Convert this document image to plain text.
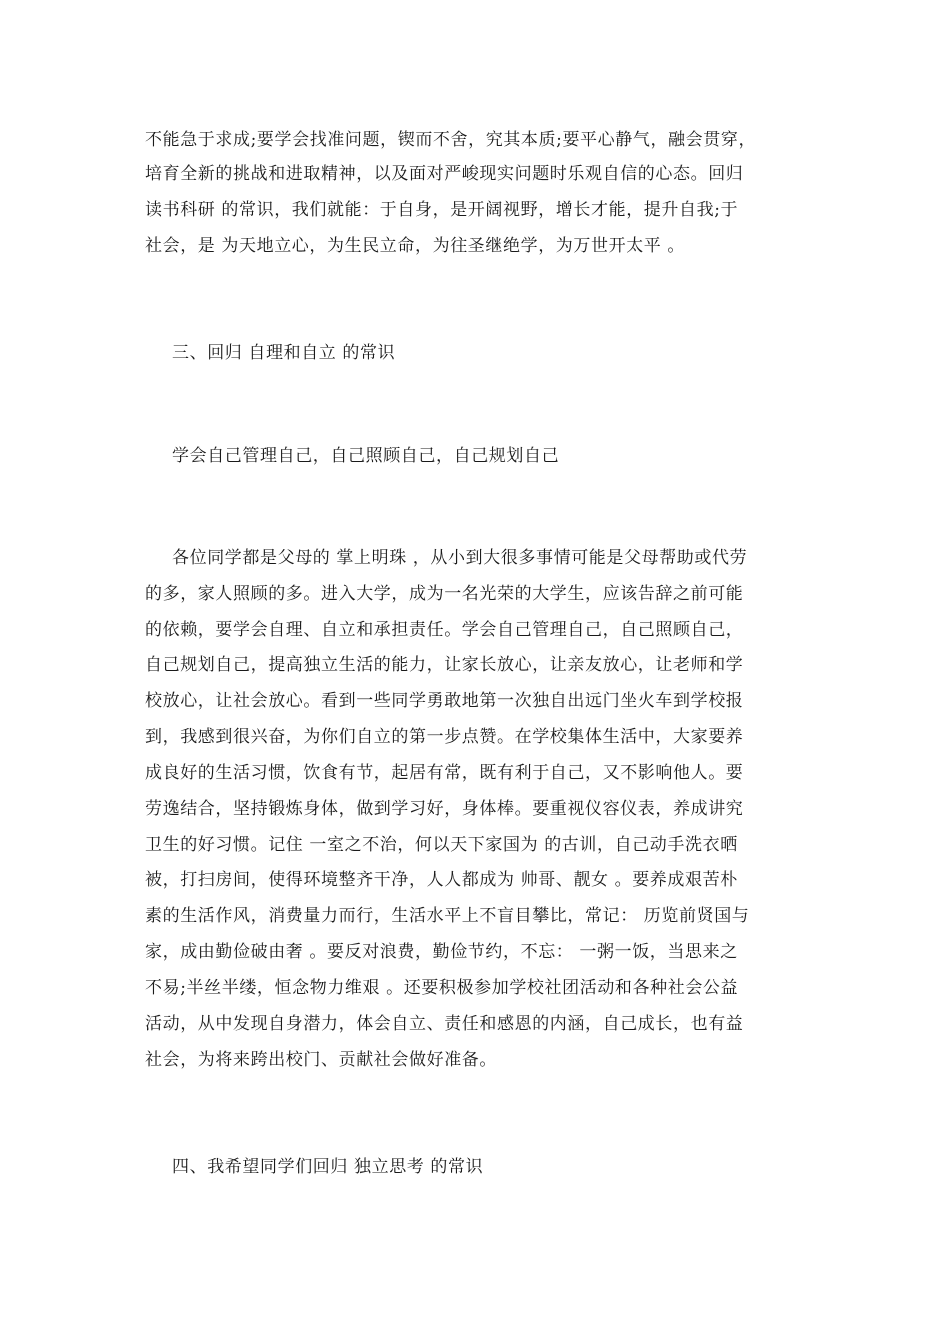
不能急于求成;要学会找准问题，锲而不舍，究其本质;要平心静气，融会贯穿，
培育全新的挑战和进取精神，以及面对严峻现实问题时乐观自信的心态。回归
读书科研 的常识，我们就能：于自身，是开阔视野，增长才能，提升自我;于
社会，是 为天地立心，为生民立命，为往圣继绝学，为万世开太平 。
三、回归 自理和自立 的常识
学会自己管理自己，自己照顾自己，自己规划自己
各位同学都是父母的 掌上明珠 ，从小到大很多事情可能是父母帮助或代劳
的多，家人照顾的多。进入大学，成为一名光荣的大学生，应该告辞之前可能
的依赖，要学会自理、自立和承担责任。学会自己管理自己，自己照顾自己，
自己规划自己，提高独立生活的能力，让家长放心，让亲友放心，让老师和学
校放心，让社会放心。看到一些同学勇敢地第一次独自出远门坐火车到学校报
到，我感到很兴奋，为你们自立的第一步点赞。在学校集体生活中，大家要养
成良好的生活习惯，饮食有节，起居有常，既有利于自己，又不影响他人。要
劳逸结合，坚持锻炼身体，做到学习好，身体棒。要重视仪容仪表，养成讲究
卫生的好习惯。记住 一室之不治，何以天下家国为 的古训，自己动手洗衣晒
被，打扫房间，使得环境整齐干净，人人都成为 帅哥、靓女 。要养成艰苦朴
素的生活作风，消费量力而行，生活水平上不盲目攀比，常记： 历览前贤国与
家，成由勤俭破由奢 。要反对浪费，勤俭节约，不忘： 一粥一饭，当思来之
不易;半丝半缕，恒念物力维艰 。还要积极参加学校社团活动和各种社会公益
活动，从中发现自身潜力，体会自立、责任和感恩的内涵，自己成长，也有益
社会，为将来跨出校门、贡献社会做好准备。
四、我希望同学们回归 独立思考 的常识
